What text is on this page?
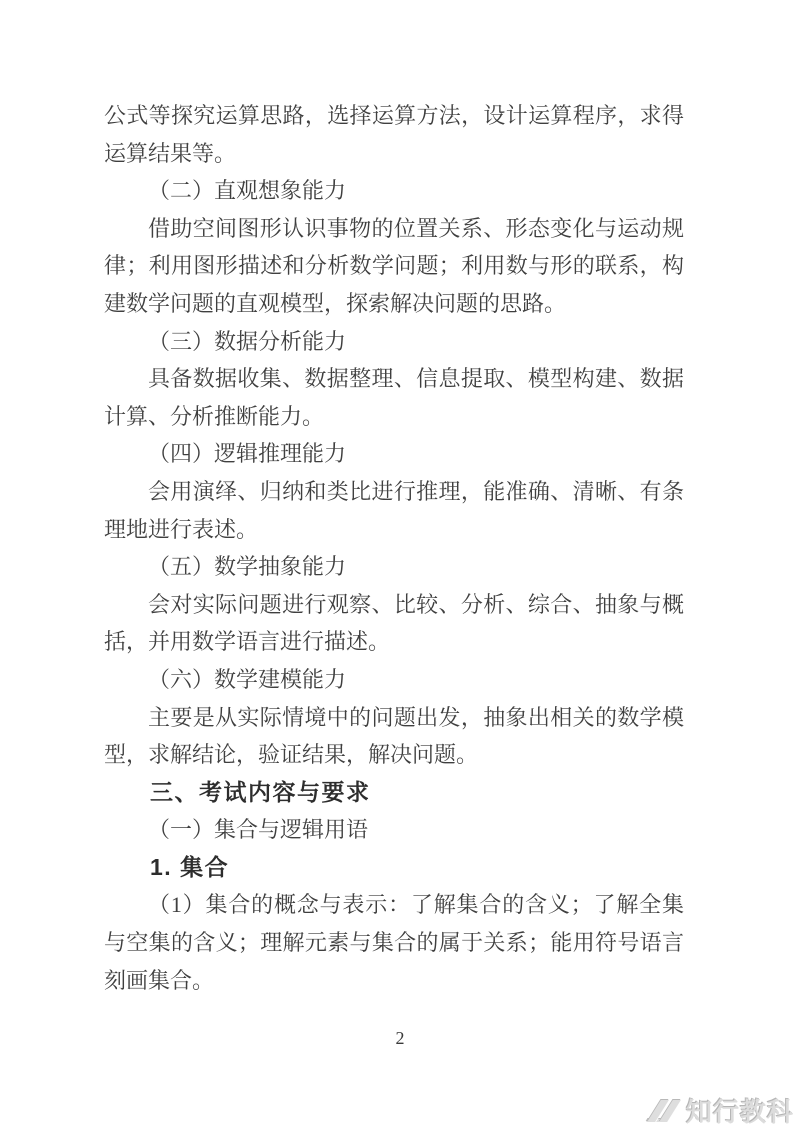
公式等探究运算思路，选择运算方法，设计运算程序，求得
运算结果等。
（二）直观想象能力
借助空间图形认识事物的位置关系、形态变化与运动规
律；利用图形描述和分析数学问题；利用数与形的联系，构
建数学问题的直观模型，探索解决问题的思路。
（三）数据分析能力
具备数据收集、数据整理、信息提取、模型构建、数据
计算、分析推断能力。
（四）逻辑推理能力
会用演绎、归纳和类比进行推理，能准确、清晰、有条
理地进行表述。
（五）数学抽象能力
会对实际问题进行观察、比较、分析、综合、抽象与概
括，并用数学语言进行描述。
（六）数学建模能力
主要是从实际情境中的问题出发，抽象出相关的数学模
型，求解结论，验证结果，解决问题。
三、考试内容与要求
（一）集合与逻辑用语
1. 集合
（1）集合的概念与表示：了解集合的含义；了解全集
与空集的含义；理解元素与集合的属于关系；能用符号语言
刻画集合。
2
知行教科
